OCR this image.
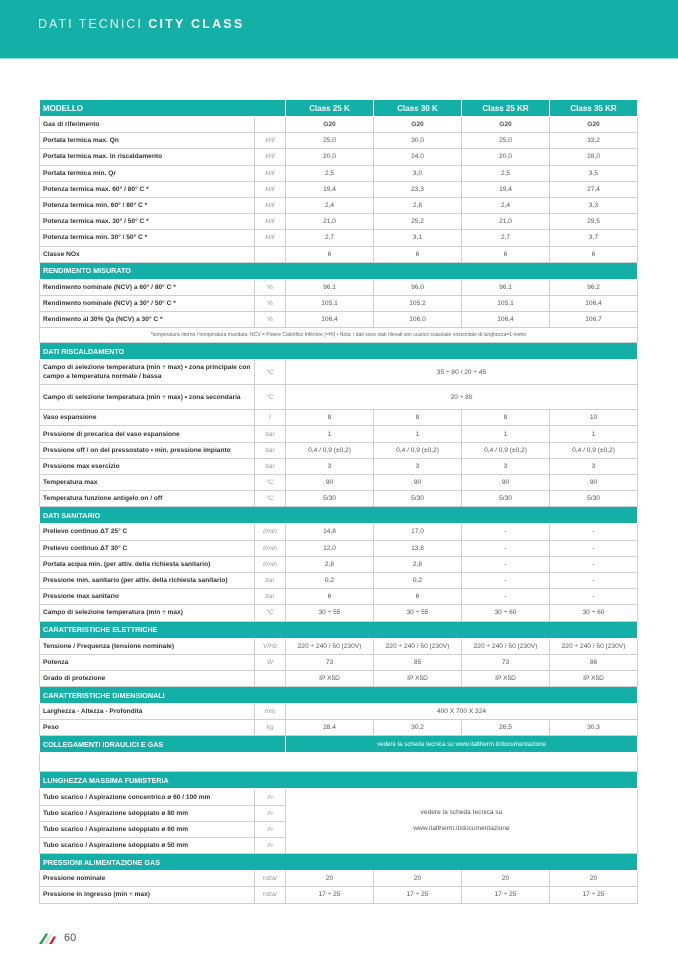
DATI TECNICI CITY CLASS
MODELLO		Class 25 K	Class 30 K	Class 25 KR	Class 35 KR
Gas di riferimento		G20	G20	G20	G20
Portata termica max. Qn	kW	25,0	30,0	25,0	33,2
Portata termica max. in riscaldamento	kW	20,0	24,0	20,0	28,0
Portata termica min. Qr	kW	2,5	3,0	2,5	3,5
Potenza termica max. 60° / 80° C *	kW	19,4	23,3	19,4	27,4
Potenza termica min. 60° / 80° C *	kW	2,4	2,8	2,4	3,3
Potenza termica max. 30° / 50° C *	kW	21,0	25,2	21,0	29,5
Potenza termica min. 30° / 50° C *	kW	2,7	3,1	2,7	3,7
Classe NOx		6	6	6	6
RENDIMENTO MISURATO					
Rendimento nominale (NCV) a 60° / 80° C *	%	96,1	96,0	96,1	96,2
Rendimento nominale (NCV) a 30° / 50° C *	%	105,1	105,2	105,1	106,4
Rendimento al 30% Qa (NCV) a 30° C *	%	106,4	106,0	106,4	106,7
*temperatura ritorno / temperatura mandata; NCV = Potere Calorifico Inferiore (=Hi) • Nota: i dati sono stati rilevati con scarico coassiale orizzontale di lunghezza=1 metro					
DATI RISCALDAMENTO					
Campo di selezione temperatura (min ÷ max) • zona principale con campo a temperatura normale / bassa	°C	35 ÷ 80 / 20 ÷ 45			
Campo di selezione temperatura (min ÷ max) • zona secondaria	°C	20 ÷ 80			
Vaso espansione	l	8	8	8	10
Pressione di precarica del vaso espansione	bar	1	1	1	1
Pressione off / on del pressostato • min. pressione impianto	bar	0,4 / 0,9 (±0,2)	0,4 / 0,9 (±0,2)	0,4 / 0,9 (±0,2)	0,4 / 0,9 (±0,2)
Pressione max esercizio	bar	3	3	3	3
Temperatura max	°C	90	90	90	90
Temperatura funzione antigelo on / off	°C	5/30	5/30	5/30	5/30
DATI SANITARIO					
Prelievo continuo ΔT 25° C	l/min	14,8	17,0	-	-
Prelievo continuo ΔT 30° C	l/min	12,0	13,8	-	-
Portata acqua min. (per attiv. della richiesta sanitario)	l/min	2,8	2,8	-	-
Pressione min. sanitario (per attiv. della richiesta sanitario)	bar	0,2	0,2	-	-
Pressione max sanitario	bar	6	6	-	-
Campo di selezione temperatura (min ÷ max)	°C	30 ÷ 55	30 ÷ 55	30 ÷ 60	30 ÷ 60
CARATTERISTICHE ELETTRICHE					
Tensione / Frequenza (tensione nominale)	V/Hz	220 ÷ 240 / 50 (230V)	220 ÷ 240 / 50 (230V)	220 ÷ 240 / 50 (230V)	220 ÷ 240 / 50 (230V)
Potenza	W	73	85	73	86
Grado di protezione		IP X5D	IP X5D	IP X5D	IP X5D
CARATTERISTICHE DIMENSIONALI					
Larghezza - Altezza - Profondità	mm	400 X 700 X 324			
Peso	kg	28,4	30,2	26,5	30,3
COLLEGAMENTI IDRAULICI E GAS		vedere la scheda tecnica su www.italtherm.it/documentazione			

LUNGHEZZA MASSIMA FUMISTERIA					
Tubo scarico / Aspirazione concentrico ø 60 / 100 mm	m	vedere la scheda tecnica su www.italtherm.it/documentazione			
Tubo scarico / Aspirazione sdoppiato ø 80 mm	m				
Tubo scarico / Aspirazione sdoppiato ø 60 mm	m				
Tubo scarico / Aspirazione sdoppiato ø 50 mm	m				
PRESSIONI ALIMENTAZIONE GAS					
Pressione nominale	mbar	20	20	20	20
Pressione in ingresso (min ÷ max)	mbar	17 ÷ 25	17 ÷ 25	17 ÷ 25	17 ÷ 25
60
